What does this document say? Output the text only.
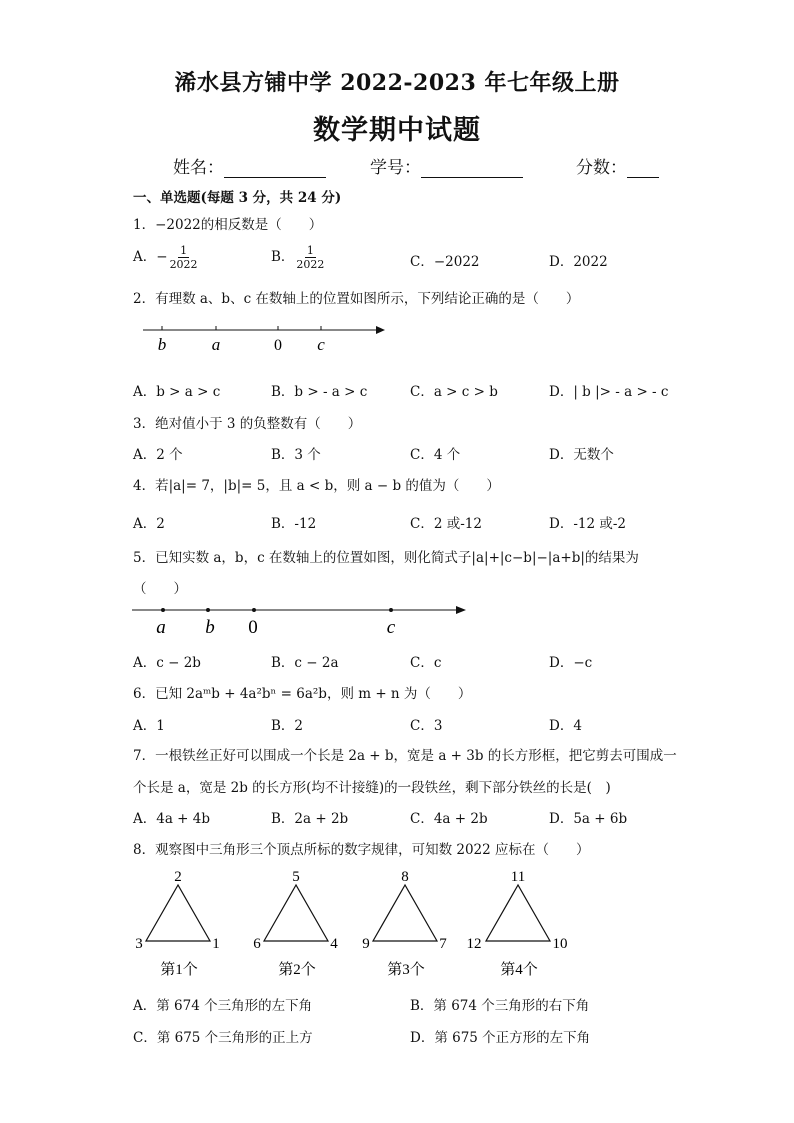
浠水县方铺中学 2022-2023 年七年级上册
数学期中试题
姓名：	学号：	分数：
一、单选题(每题 3 分，共 24 分)
1．−2022的相反数是（　　）
A．− $\frac{1}{2022}$	B． $\frac{1}{2022}$	C．−2022	D．2022
2．有理数 a、b、c 在数轴上的位置如图所示，下列结论正确的是（　　）
b	a	0 c
A．b > a > c	B．b > - a > c	C．a > c > b	D．| b |> - a > - c
3．绝对值小于 3 的负整数有（　　）
A．2 个	B．3 个	C．4 个	D．无数个
4．若|a|= 7，|b|= 5，且 a < b，则 a − b 的值为（　　）
A．2	B．-12	C．2 或-12	D．-12 或-2
5．已知实数 a，b，c 在数轴上的位置如图，则化简式子|a|+|c−b|−|a+b|的结果为
（　　）
a b 0	c
A．c − 2b	B．c − 2a	C．c	D．−c
6．已知 2aᵐb + 4a²bⁿ = 6a²b，则 m + n 为（　　）
A．1	B．2	C．3	D．4
7．一根铁丝正好可以围成一个长是 2a + b，宽是 a + 3b 的长方形框，把它剪去可围成一
个长是 a，宽是 2b 的长方形(均不计接缝)的一段铁丝，剩下部分铁丝的长是(　)
A．4a + 4b	B．2a + 2b	C．4a + 2b	D．5a + 6b
8．观察图中三角形三个顶点所标的数字规律，可知数 2022 应标在（　　）
2
3	1
第1个
5
6	4
第2个
8
9	7
第3个
11
12	10
第4个
A．第 674 个三角形的左下角	B．第 674 个三角形的右下角
C．第 675 个三角形的正上方	D．第 675 个正方形的左下角
